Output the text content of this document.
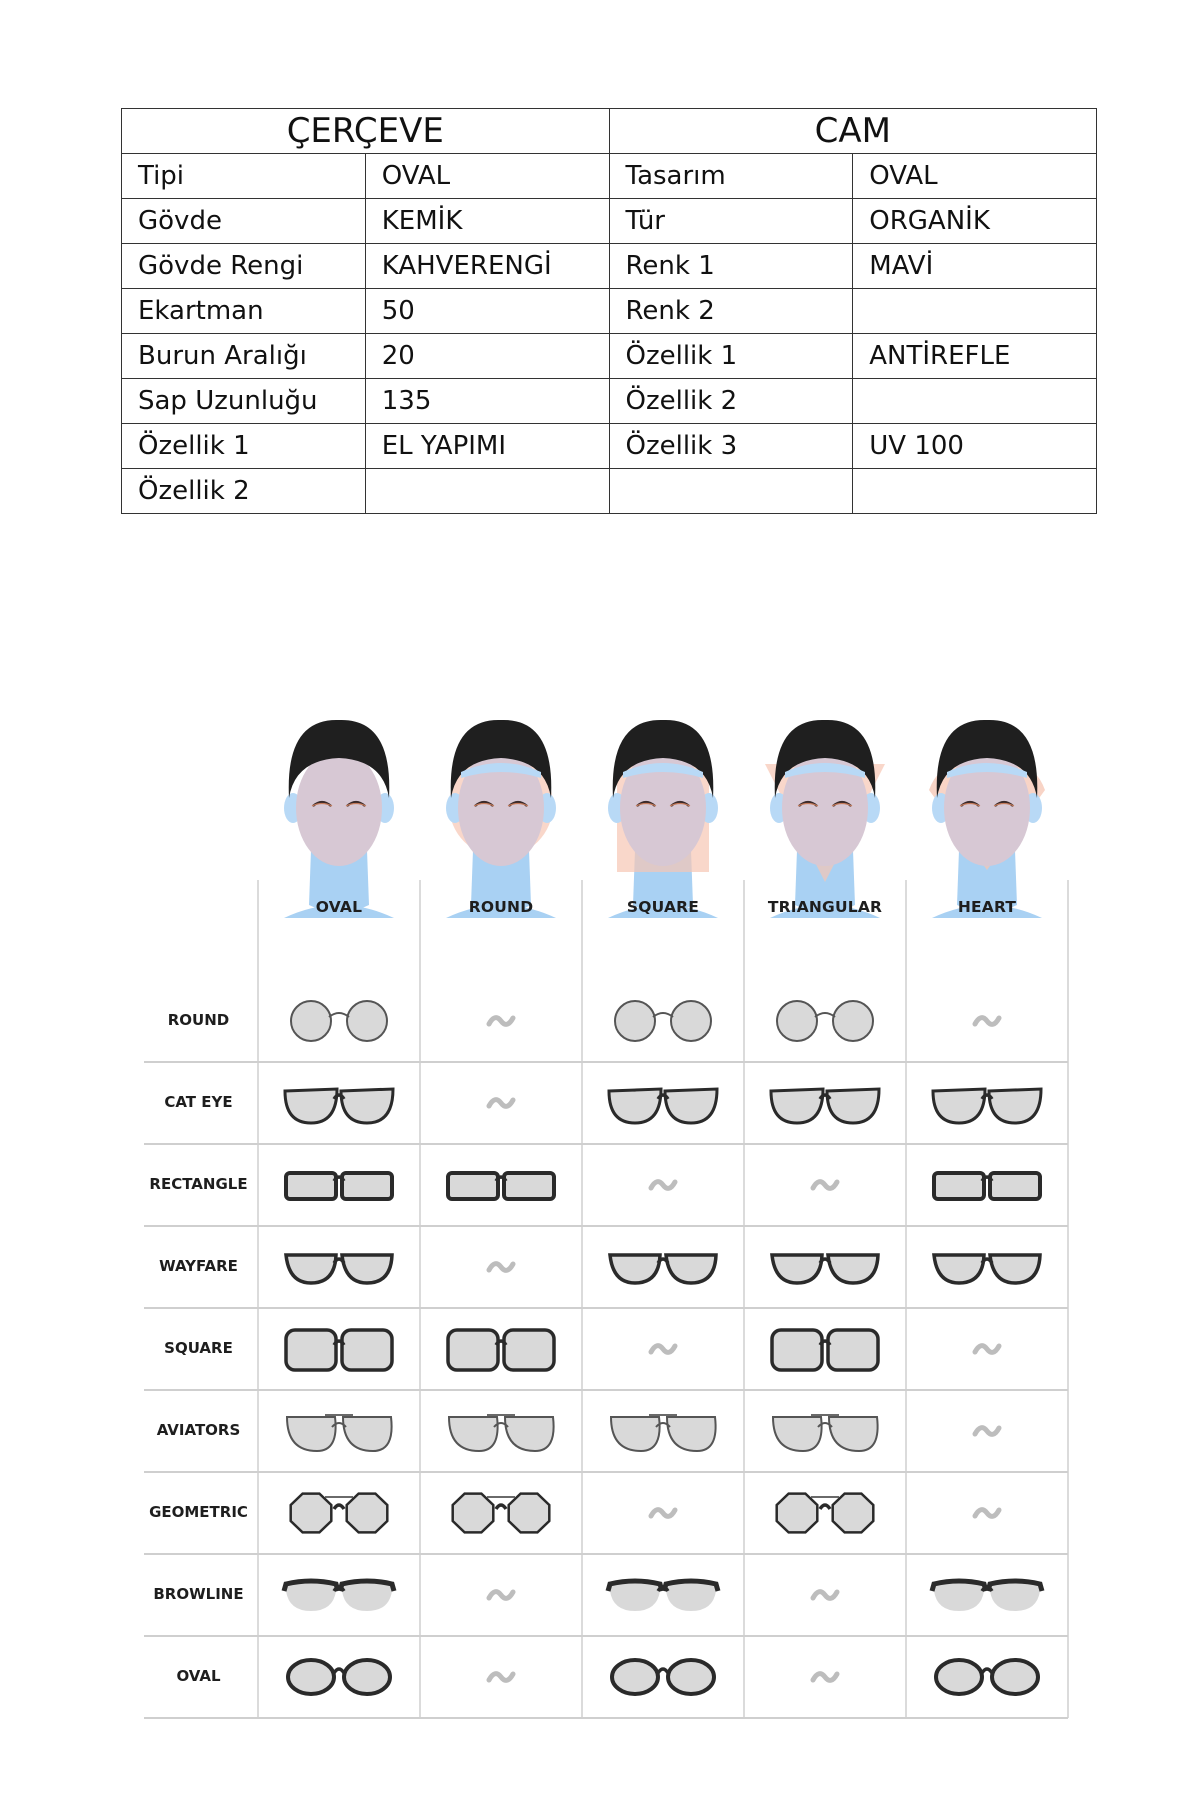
ÇERÇEVE		CAM	
Tipi	OVAL	Tasarım	OVAL
Gövde	KEMİK	Tür	ORGANİK
Gövde Rengi	KAHVERENGİ	Renk 1	MAVİ
Ekartman	50	Renk 2	
Burun Aralığı	20	Özellik 1	ANTİREFLE
Sap Uzunluğu	135	Özellik 2	
Özellik 1	EL YAPIMI	Özellik 3	UV 100
Özellik 2			
OVAL	ROUND	SQUARE	TRIANGULAR	HEART
ROUND
CAT EYE
RECTANGLE
WAYFARE
SQUARE
AVIATORS
GEOMETRIC
BROWLINE
OVAL
